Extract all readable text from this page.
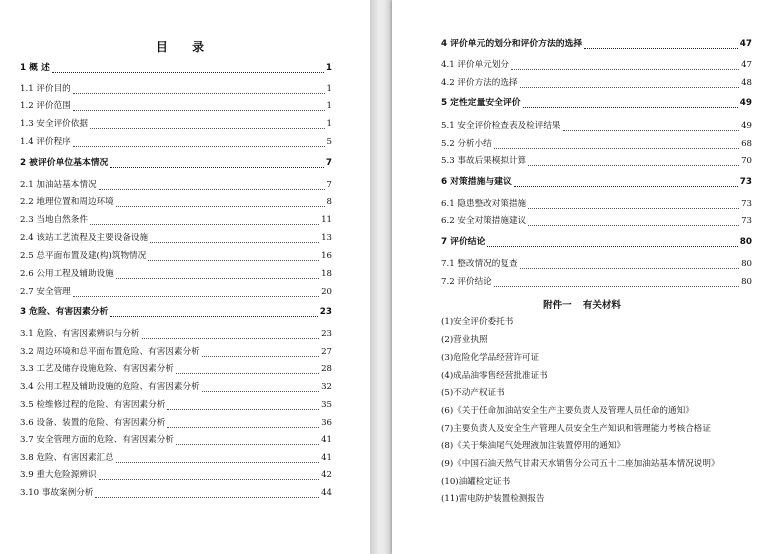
目 录
1 概 述	1
1.1 评价目的	1
1.2 评价范围	1
1.3 安全评价依据	1
1.4 评价程序	5
2 被评价单位基本情况	7
2.1 加油站基本情况	7
2.2 地理位置和周边环境	8
2.3 当地自然条件	11
2.4 该站工艺流程及主要设备设施	13
2.5 总平面布置及建(构)筑物情况	16
2.6 公用工程及辅助设施	18
2.7 安全管理	20
3 危险、有害因素分析	23
3.1 危险、有害因素辨识与分析	23
3.2 周边环境和总平面布置危险、有害因素分析	27
3.3 工艺及储存设施危险、有害因素分析	28
3.4 公用工程及辅助设施的危险、有害因素分析	32
3.5 检维修过程的危险、有害因素分析	35
3.6 设备、装置的危险、有害因素分析	36
3.7 安全管理方面的危险、有害因素分析	41
3.8 危险、有害因素汇总	41
3.9 重大危险源辨识	42
3.10 事故案例分析	44
4 评价单元的划分和评价方法的选择	47
4.1 评价单元划分	47
4.2 评价方法的选择	48
5 定性定量安全评价	49
5.1 安全评价检查表及检评结果	49
5.2 分析小结	68
5.3 事故后果模拟计算	70
6 对策措施与建议	73
6.1 隐患整改对策措施	73
6.2 安全对策措施建议	73
7 评价结论	80
7.1 整改情况的复查	80
7.2 评价结论	80
附件一 有关材料
(1)安全评价委托书
(2)营业执照
(3)危险化学品经营许可证
(4)成品油零售经营批准证书
(5)不动产权证书
(6)《关于任命加油站安全生产主要负责人及管理人员任命的通知》
(7)主要负责人及安全生产管理人员安全生产知识和管理能力考核合格证
(8)《关于柴油尾气处理液加注装置停用的通知》
(9)《中国石油天然气甘肃天水销售分公司五十二座加油站基本情况说明》
(10)油罐检定证书
(11)雷电防护装置检测报告
